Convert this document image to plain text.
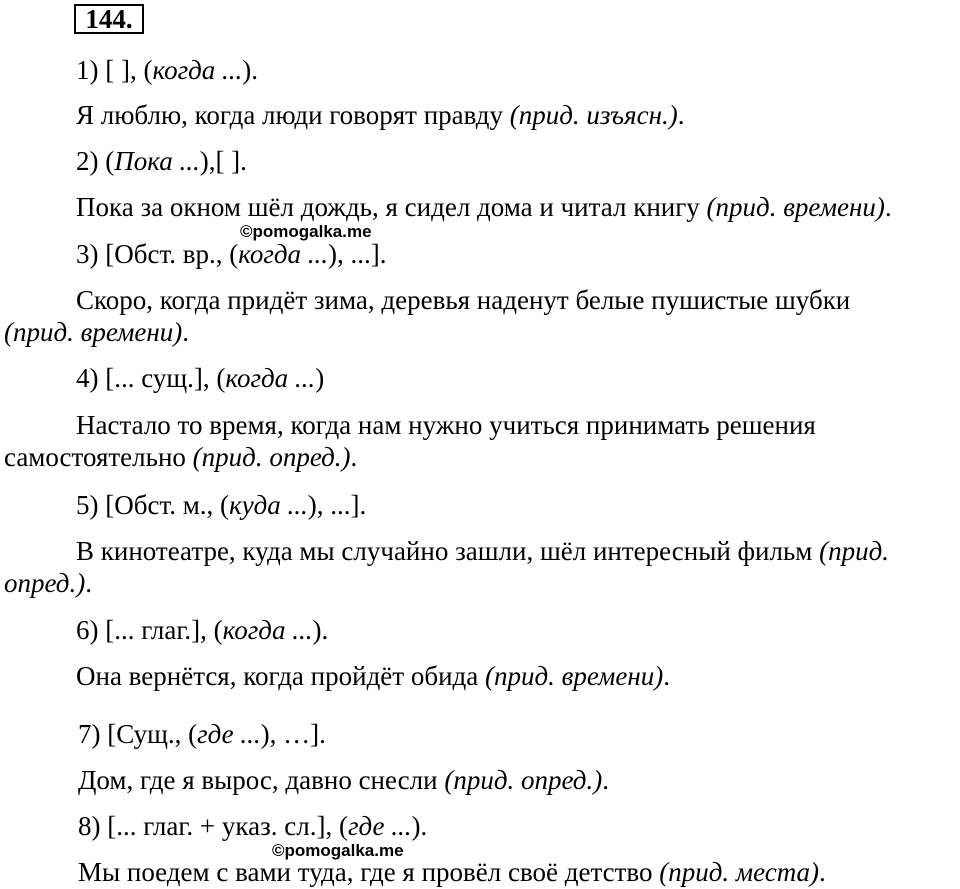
144.
1) [ ], (когда ...).
Я люблю, когда люди говорят правду (прид. изъясн.).
2) (Пока ...),[ ].
Пока за окном шёл дождь, я сидел дома и читал книгу (прид. времени).
©pomogalka.me
3) [Обст. вр., (когда ...), ...].
Скоро, когда придёт зима, деревья наденут белые пушистые шубки
(прид. времени).
4) [... сущ.], (когда ...)
Настало то время, когда нам нужно учиться принимать решения
самостоятельно (прид. опред.).
5) [Обст. м., (куда ...), ...].
В кинотеатре, куда мы случайно зашли, шёл интересный фильм (прид.
опред.).
6) [... глаг.], (когда ...).
Она вернётся, когда пройдёт обида (прид. времени).
7) [Сущ., (где ...), …].
Дом, где я вырос, давно снесли (прид. опред.).
8) [... глаг. + указ. сл.], (где ...).
©pomogalka.me
Мы поедем с вами туда, где я провёл своё детство (прид. места).
